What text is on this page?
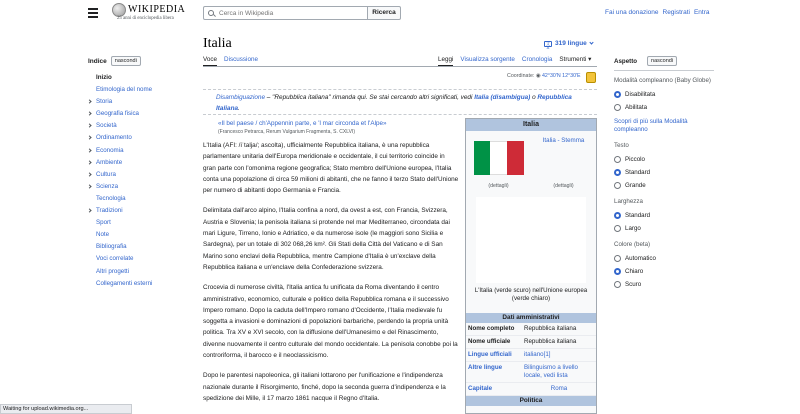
WIKIPEDIA
25 anni di enciclopedia libera
Cerca in Wikipedia
Ricerca	Fai una donazione Registrati Entra
Indice	nascondi
Inizio
Etimologia del nome
Storia
Geografia fisica
Società
Ordinamento
Economia
Ambiente
Cultura
Scienza
Tecnologia
Tradizioni
Sport
Note
Bibliografia
Voci correlate
Altri progetti
Collegamenti esterni
Italia	文A 319 lingue
Voce Discussione	Leggi Visualizza sorgente Cronologia Strumenti ▾
Coordinate: ◉ 42°30′N 12°30′E
Disambiguazione – "Repubblica italiana" rimanda qui. Se stai cercando altri significati, vedi Italia (disambigua) o Repubblica Italiana.
«Il bel paese / ch'Appennin parte, e 'l mar circonda et l'Alpe»
(Francesco Petrarca, Rerum Vulgarium Fragmenta, S. CXLVI)

L'Italia (AFI: /iˈtalja/; ascolta), ufficialmente Repubblica italiana, è una repubblica parlamentare unitaria dell'Europa meridionale e occidentale, il cui territorio coincide in gran parte con l'omonima regione geografica; Stato membro dell'Unione europea, l'Italia conta una popolazione di circa 59 milioni di abitanti, che ne fanno il terzo Stato dell'Unione per numero di abitanti dopo Germania e Francia.

Delimitata dall'arco alpino, l'Italia confina a nord, da ovest a est, con Francia, Svizzera, Austria e Slovenia; la penisola italiana si protende nel mar Mediterraneo, circondata dai mari Ligure, Tirreno, Ionio e Adriatico, e da numerose isole (le maggiori sono Sicilia e Sardegna), per un totale di 302 068,26 km². Gli Stati della Città del Vaticano e di San Marino sono enclavi della Repubblica, mentre Campione d'Italia è un'exclave della Repubblica italiana e un'enclave della Confederazione svizzera.

Crocevia di numerose civiltà, l'Italia antica fu unificata da Roma diventando il centro amministrativo, economico, culturale e politico della Repubblica romana e il successivo Impero romano. Dopo la caduta dell'Impero romano d'Occidente, l'Italia medievale fu soggetta a invasioni e dominazioni di popolazioni barbariche, perdendo la propria unità politica. Tra XV e XVI secolo, con la diffusione dell'Umanesimo e del Rinascimento, divenne nuovamente il centro culturale del mondo occidentale. La penisola conobbe poi la controriforma, il barocco e il neoclassicismo.

Dopo le parentesi napoleonica, gli italiani lottarono per l'unificazione e l'indipendenza nazionale durante il Risorgimento, finché, dopo la seconda guerra d'indipendenza e la spedizione dei Mille, il 17 marzo 1861 nacque il Regno d'Italia.

Italia
Italia - Stemma
(dettagli)	(dettagli)
L'Italia (verde scuro) nell'Unione europea (verde chiaro)
Dati amministrativi
Nome completo	Repubblica italiana
Nome ufficiale	Repubblica italiana
Lingue ufficiali	italiano[1]
Altre lingue	Bilinguismo a livello locale, vedi lista
Capitale	Roma
Politica
Aspetto	nascondi
Modalità compleanno (Baby Globe)
Disabilitata
Abilitata
Scopri di più sulla Modalità compleanno
Testo
Piccolo
Standard
Grande
Larghezza
Standard
Largo
Colore (beta)
Automatico
Chiaro
Scuro
Waiting for upload.wikimedia.org...
